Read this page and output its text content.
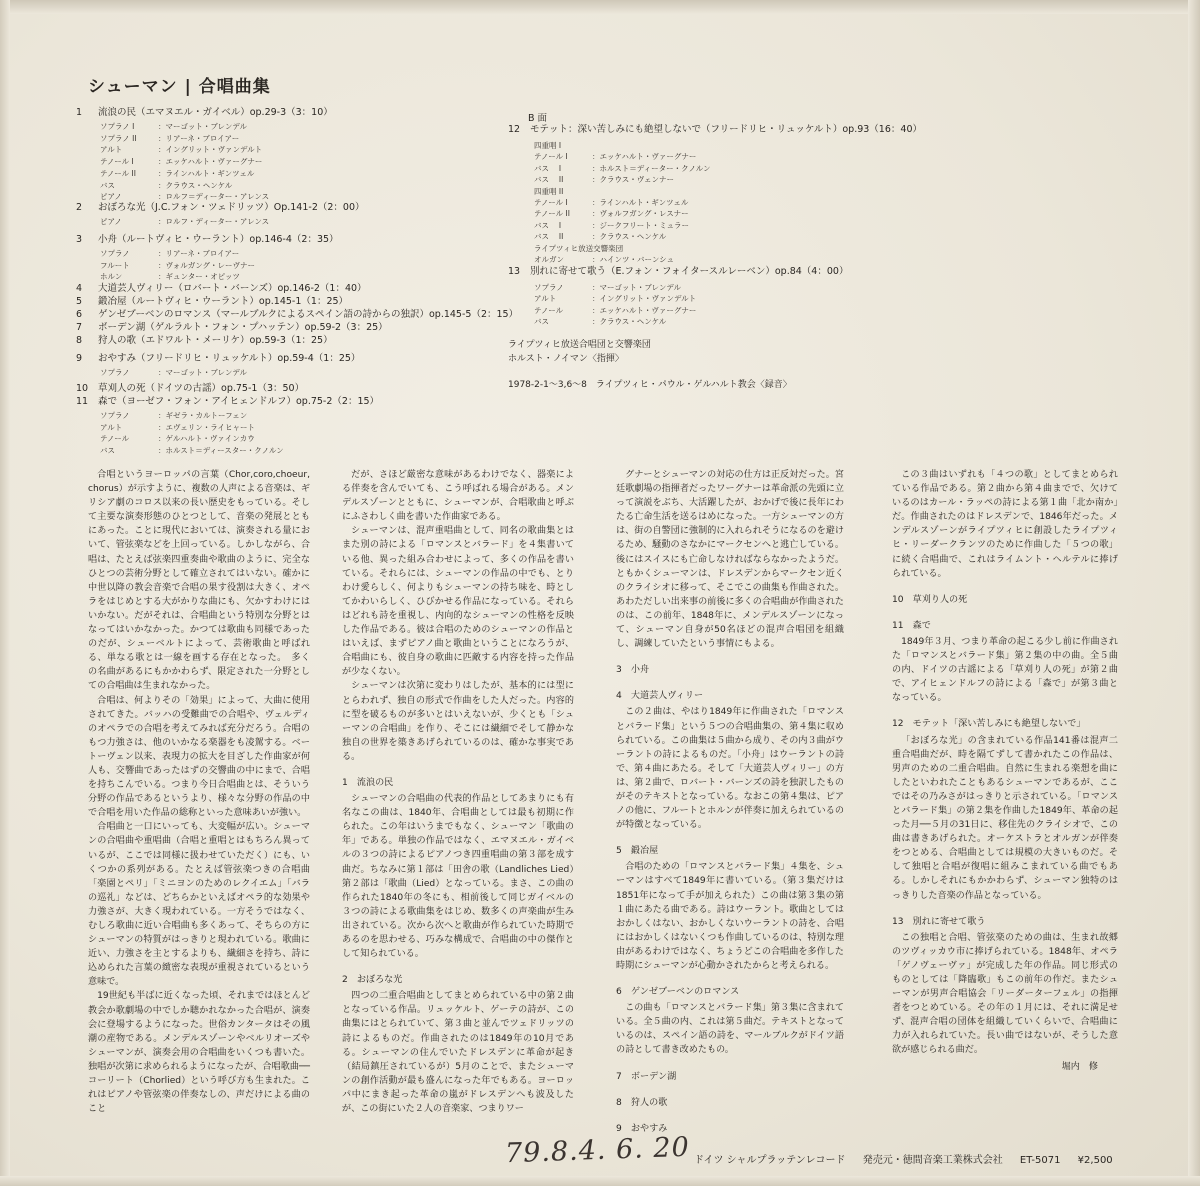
シューマン | 合唱曲集
1 流浪の民（エマヌエル・ガイベル）op.29-3（3：10）
ソプラノ I	：マーゴット・ブレンデル
ソプラノ II	：リアーネ・ブロイアー
アルト	：イングリット・ヴァンデルト
テノール I	：エッケハルト・ヴァーグナー
テノール II	：ラインハルト・ギンツェル
バス	：クラウス・ヘンケル
ピアノ	：ロルフ＝ディーター・アレンス
2 おぼろな光（J.C.フォン・ツェドリッツ）Op.141-2（2：00）
ピアノ	：ロルフ・ディーター・アレンス
3 小舟（ルートヴィヒ・ウーラント）op.146-4（2：35）
ソプラノ	：リアーネ・ブロイアー
フルート	：ヴォルガング・レーヴナー
ホルン	：ギュンター・オピッツ
4 大道芸人ヴィリー（ロバート・バーンズ）op.146-2（1：40）
5 鍛冶屋（ルートヴィヒ・ウーラント）op.145-1（1：25）
6 ゲンゼブーベンのロマンス（マールブルクによるスペイン語の詩からの独訳）op.145-5（2：15）
7 ボーデン湖（ゲルラルト・フォン・プハッテン）op.59-2（3：25）
8 狩人の歌（エドワルト・メーリケ）op.59-3（1：25）
9 おやすみ（フリードリヒ・リュッケルト）op.59-4（1：25）
ソプラノ	：マーゴット・ブレンデル
10 草刈人の死（ドイツの古謡）op.75-1（3：50）
11 森で（ヨーゼフ・フォン・アイヒェンドルフ）op.75-2（2：15）
ソプラノ	：ギゼラ・カルトーフェン
アルト	：エヴェリン・ライヒャート
テノール	：ゲルハルト・ヴァインカウ
バス	：ホルスト＝ディースター・クノルン
B 面
12 モテット：深い苦しみにも絶望しないで（フリードリヒ・リュッケルト）op.93（16：40）
四重唱 I
テノール I	：エッケハルト・ヴァーグナー
バス　 I	：ホルスト＝ディーター・クノルン
バス　 II	：クラウス・ヴェンナー
四重唱 II
テノール I	：ラインハルト・ギンツェル
テノール II	：ヴォルフガング・レスナー
バス　 I	：ジークフリート・ミュラー
バス　 II	：クラウス・ヘンケル
ライプツィヒ放送交響楽団
オルガン	：ハインツ・バーンシュ
13 別れに寄せて歌う（E.フォン・フォイタースルレーベン）op.84（4：00）
ソプラノ	：マーゴット・ブレンデル
アルト	：イングリット・ヴァンデルト
テノール	：エッケハルト・ヴァーグナー
バス	：クラウス・ヘンケル
ライプツィヒ放送合唱団と交響楽団
ホルスト・ノイマン〈指揮〉
1978-2-1～3,6～8　ライプツィヒ・パウル・ゲルハルト教会〈録音〉

合唱というヨーロッパの言葉（Chor,coro,choeur, chorus）が示すように、複数の人声による音楽は、ギリシア劇のコロス以来の長い歴史をもっている。そして主要な演奏形態のひとつとして、音楽の発展とともにあった。ことに現代においては、演奏される量において、管弦楽などを上回っている。しかしながら、合唱は、たとえば弦楽四重奏曲や歌曲のように、完全なひとつの芸術分野として確立されてはいない。確かに中世以降の教会音楽で合唱の果す役割は大きく、オペラをはじめとする大がかりな曲にも、欠かすわけにはいかない。だがそれは、合唱曲という特別な分野とはなってはいかなかった。かつては歌曲も同様であったのだが、シューベルトによって、芸術歌曲と呼ばれる、単なる歌とは一線を画する存在となった。　多くの名曲があるにもかかわらず、限定された一分野としての合唱曲は生まれなかった。

合唱は、何よりその「効果」によって、大曲に使用されてきた。バッハの受難曲での合唱や、ヴェルディのオペラでの合唱を考えてみれば充分だろう。合唱のもつ力強さは、他のいかなる楽器をも凌駕する。ベートーヴェン以来、表現力の拡大を目ざした作曲家が何人も、交響曲であったはずの交響曲の中にまで、合唱を持ちこんでいる。つまり今日合唱曲とは、そういう分野の作品であるというより、様々な分野の作品の中で合唱を用いた作品の総称といった意味あいが強い。

合唱曲と一口にいっても、大変幅が広い。シューマンの合唱曲や重唱曲（合唱と重唱とはもちろん異っているが、ここでは同様に扱わせていただく）にも、いくつかの系列がある。たとえば管弦楽つきの合唱曲「楽園とペリ」「ミニヨンのためのレクイエム」「バラの巡礼」などは、どちらかといえばオペラ的な効果や力強さが、大きく現われている。一方そうではなく、むしろ歌曲に近い合唱曲も多くあって、そちらの方にシューマンの特質がはっきりと現われている。歌曲に近い、力強さを主とするよりも、繊細さを持ち、詩に込められた言葉の緻密な表現が重視されているという意味で。

19世紀も半ばに近くなった頃、それまではほとんど教会か歌劇場の中でしか聴かれなかった合唱が、演奏会に登場するようになった。世俗カンタータはその風潮の産物である。メンデルスゾーンやベルリオーズやシューマンが、演奏会用の合唱曲をいくつも書いた。独唱が次第に求められるようになったが、合唱歌曲──コーリート（Chorlied）という呼び方も生まれた。これはピアノや管弦楽の伴奏なしの、声だけによる曲のこと

だが、さほど厳密な意味があるわけでなく、器楽による伴奏を含んでいても、こう呼ばれる場合がある。メンデルスゾーンとともに、シューマンが、合唱歌曲と呼ぶにふさわしく曲を書いた作曲家である。

シューマンは、混声重唱曲として、同名の歌曲集とはまた別の詩による「ロマンスとバラード」を４集書いている他、異った組み合わせによって、多くの作品を書いている。それらには、シューマンの作品の中でも、とりわけ愛らしく、何よりもシューマンの持ち味を、時としてかわいらしく、ひびかせる作品になっている。それらはどれも詩を重視し、内向的なシューマンの性格を反映した作品である。彼は合唱のためのシューマンの作品とはいえば、まずピアノ曲と歌曲ということになろうが、合唱曲にも、彼自身の歌曲に匹敵する内容を持った作品が少なくない。

シューマンは次第に変わりはしたが、基本的には型にとらわれず、独自の形式で作曲をした人だった。内容的に型を破るものが多いとはいえないが、少くとも「シューマンの合唱曲」を作り、そこには繊細でそして静かな独自の世界を築きあげられているのは、確かな事実である。

1　流浪の民

シューマンの合唱曲の代表的作品としてあまりにも有名なこの曲は、1840年、合唱曲としては最も初期に作られた。この年はいうまでもなく、シューマン「歌曲の年」である。単独の作品ではなく、エマヌエル・ガイベルの３つの詩によるピアノつき四重唱曲の第３部を成す曲だ。ちなみに第１部は「田舎の歌（Landliches Lied）第２部は「歌曲（Lied）となっている。まさ、この曲の作られた1840年の冬にも、相前後して同じガイベルの３つの詩による歌曲集をはじめ、数多くの声楽曲が生み出されている。次から次へと歌曲が作られていた時期であるのを思わせる、巧みな構成で、合唱曲の中の傑作として知られている。

2　おぼろな光

四つの二重合唱曲としてまとめられている中の第２曲となっている作品。リュッケルト、ゲーテの詩が、この曲集にはとられていて、第３曲と並んでツェドリッツの詩によるものだ。作曲されたのは1849年の10月である。シューマンの住んでいたドレスデンに革命が起き（結局鎮圧されているが）5月のことで、またシューマンの創作活動が最も盛んになった年でもある。ヨーロッパ中にまき起った革命の嵐がドレスデンへも波及したが、この街にいた２人の音楽家、つまりワー

グナーとシューマンの対応の仕方は正反対だった。宮廷歌劇場の指揮者だったワーグナーは革命派の先頭に立って演説をぶち、大活躍したが、おかげで後に長年にわたる亡命生活を送るはめになった。一方シューマンの方は、街の自警団に強制的に入れられそうになるのを避けるため、騒動のさなかにマークセンへと逃亡している。後にはスイスにも亡命しなければならなかったようだ。ともかくシューマンは、ドレスデンからマークセン近くのクライシオに移って、そこでこの曲集も作曲された。あわただしい出来事の前後に多くの合唱曲が作曲されたのは、この前年、1848年に、メンデルスゾーンになって、シューマン自身が50名ほどの混声合唱団を組織し、調練していたという事情にもよる。

3　小舟

4　大道芸人ヴィリー

この２曲は、やはり1849年に作曲された「ロマンスとバラード集」という５つの合唱曲集の、第４集に収められている。この曲集は５曲から成り、その内３曲がウーラントの詩によるものだ。「小舟」はウーラントの詩で、第４曲にあたる。そして「大道芸人ヴィリー」の方は、第２曲で、ロバート・バーンズの詩を独訳したものがそのテキストとなっている。なおこの第４集は、ピアノの他に、フルートとホルンが伴奏に加えられているのが特徴となっている。

5　鍛冶屋

合唱のための「ロマンスとバラード集」４集を、シューマンはすべて1849年に書いている。（第３集だけは1851年になって手が加えられた）この曲は第３集の第１曲にあたる曲である。詩はウーラント。歌曲としてはおかしくはない、おかしくないウーラントの詩を、合唱にはおかしくはないくつも作曲しているのは、特別な理由があるわけではなく、ちょうどこの合唱曲を多作した時期にシューマンが心動かされたからと考えられる。

6　ゲンゼブーベンのロマンス

この曲も「ロマンスとバラード集」第３集に含まれている。全５曲の内、これは第５曲だ。テキストとなっているのは、スペイン語の詩を、マールブルクがドイツ語の詩として書き改めたもの。

7　ボーデン湖

8　狩人の歌

9　おやすみ

この３曲はいずれも「４つの歌」としてまとめられている作品である。第２曲から第４曲までで、欠けているのはカール・ラッペの詩による第１曲「北か南か」だ。作曲されたのはドレスデンで、1846年だった。メンデルスゾーンがライプツィヒに創設したライプツィヒ・リーダークランツのために作曲した「５つの歌」に続く合唱曲で、これはライムント・ヘルテルに捧げられている。

10　草刈り人の死

11　森で

1849年３月、つまり革命の起こる少し前に作曲された「ロマンスとバラード集」第２集の中の曲。全５曲の内、ドイツの古謡による「草刈り人の死」が第２曲で、アイヒェンドルフの詩による「森で」が第３曲となっている。

12　モテット「深い苦しみにも絶望しないで」

「おぼろな光」の含まれている作品141番は混声二重合唱曲だが、時を隔てずして書かれたこの作品は、男声のための二重合唱曲。自然に生まれる楽想を曲にしたといわれたこともあるシューマンであるが、ここではその乃みさがはっきりと示されている。「ロマンスとバラード集」の第２集を作曲した1849年、革命の起った月──５月の31日に、移住先のクライシオで、この曲は書きあげられた。オーケストラとオルガンが伴奏をつとめる、合唱曲としては規模の大きいものだ。そして独唱と合唱が復唱に組みこまれている曲でもある。しかしそれにもかかわらず、シューマン独特のはっきりした音楽の作品となっている。

13　別れに寄せて歌う

この独唱と合唱、管弦楽のための曲は、生まれ故郷のツヴィッカウ市に捧げられている。1848年、オペラ「ゲノヴェーヴァ」が完成した年の作品。同じ形式のものとしては「降臨歌」もこの前年の作だ。またシューマンが男声合唱協会「リーダーターフェル」の指揮者をつとめている。その年の１月には、それに満足せず、混声合唱の団体を組織していくらいで、合唱曲に力が入れられていた。長い曲ではないが、そうした意欲が感じられる曲だ。

堀内　修

79.8.4. 6. 20 ドイツ シャルプラッテンレコード 発売元・徳間音楽工業株式会社 ET-5071 ¥2,500
